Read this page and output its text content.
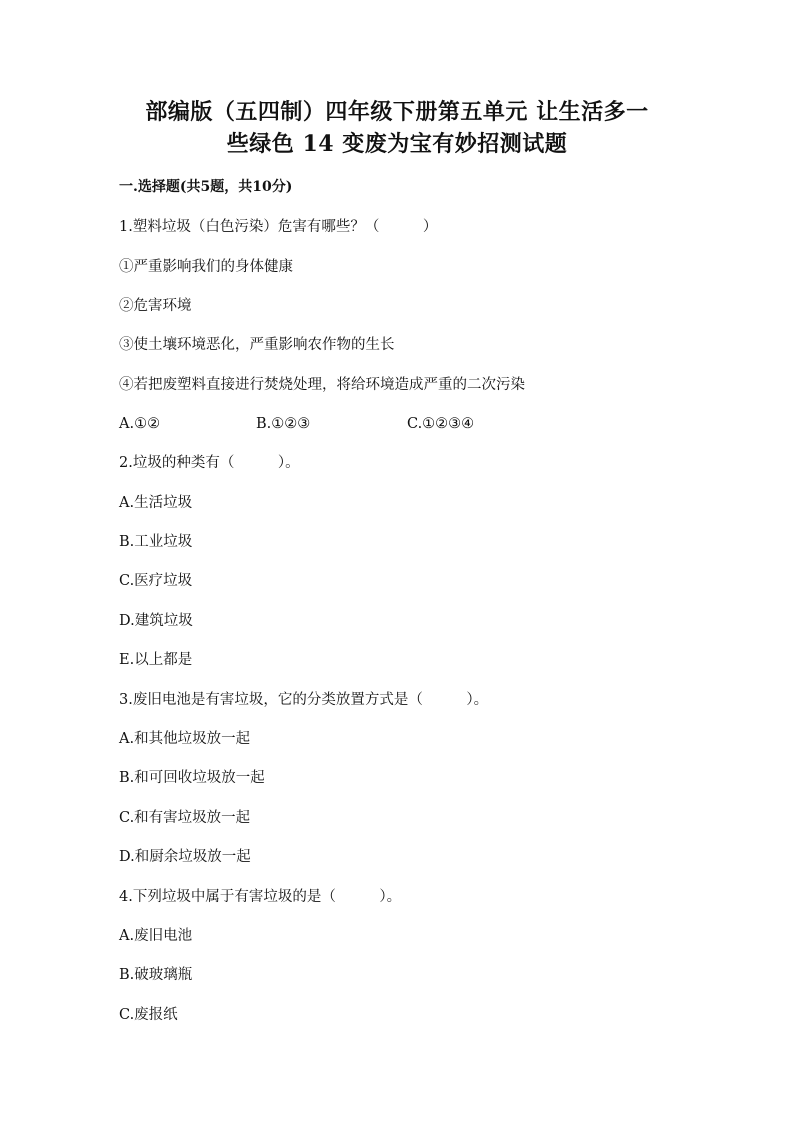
部编版（五四制）四年级下册第五单元 让生活多一
些绿色 14 变废为宝有妙招测试题
一.选择题(共5题，共10分)
1.塑料垃圾（白色污染）危害有哪些？（　　　）
①严重影响我们的身体健康
②危害环境
③使土壤环境恶化，严重影响农作物的生长
④若把废塑料直接进行焚烧处理，将给环境造成严重的二次污染
A.①②	B.①②③	C.①②③④
2.垃圾的种类有（　　　）。
A.生活垃圾
B.工业垃圾
C.医疗垃圾
D.建筑垃圾
E.以上都是
3.废旧电池是有害垃圾，它的分类放置方式是（　　　）。
A.和其他垃圾放一起
B.和可回收垃圾放一起
C.和有害垃圾放一起
D.和厨余垃圾放一起
4.下列垃圾中属于有害垃圾的是（　　　）。
A.废旧电池
B.破玻璃瓶
C.废报纸
